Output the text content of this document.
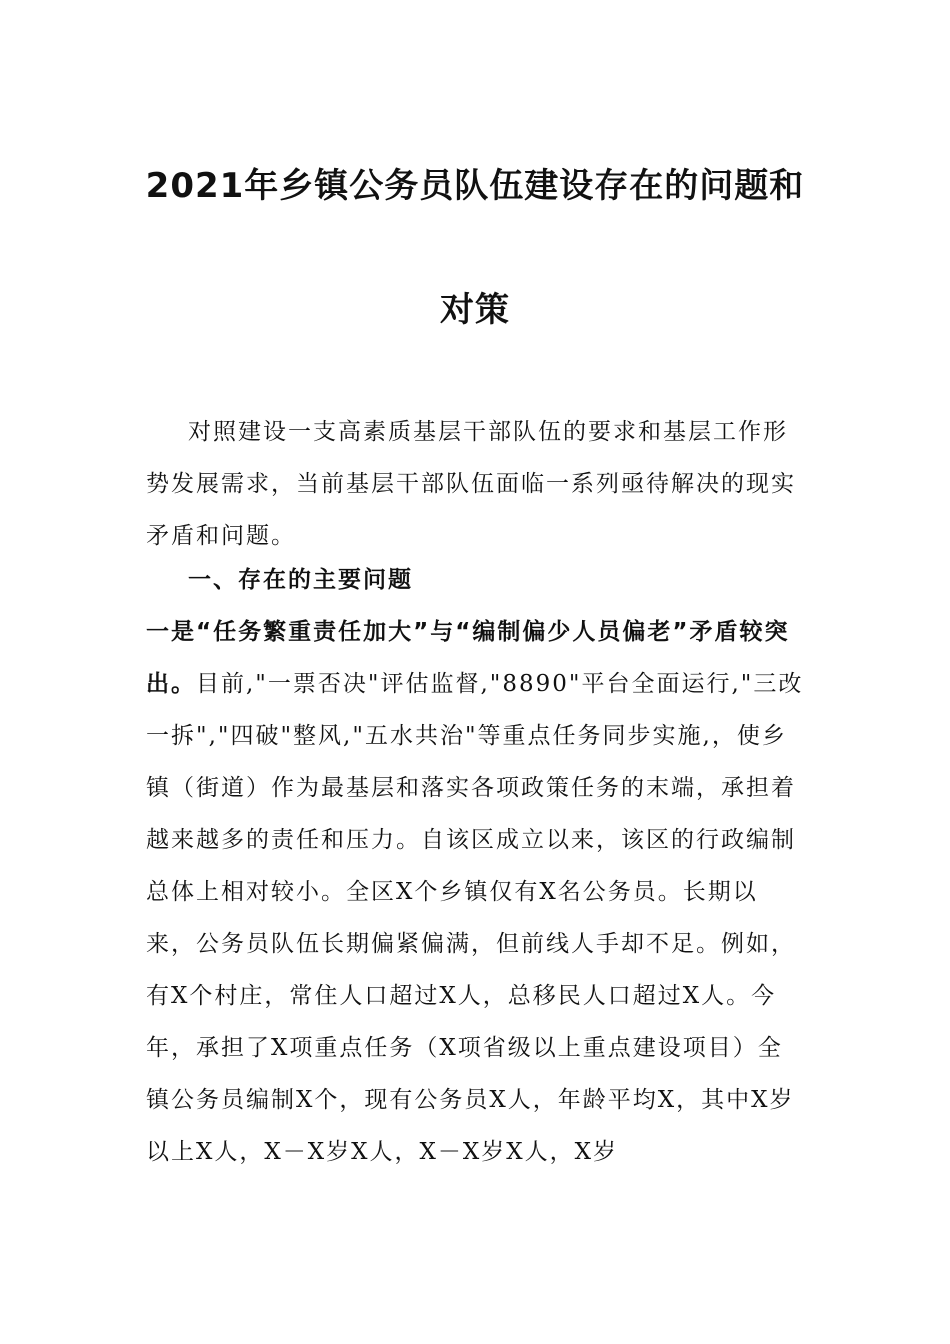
2021年乡镇公务员队伍建设存在的问题和
对策

对照建设一支高素质基层干部队伍的要求和基层工作形势发展需求，当前基层干部队伍面临一系列亟待解决的现实矛盾和问题。

一、存在的主要问题

一是“任务繁重责任加大”与“编制偏少人员偏老”矛盾较突出。目前,"一票否决"评估监督,"8890"平台全面运行,"三改一拆","四破"整风,"五水共治"等重点任务同步实施,，使乡镇（街道）作为最基层和落实各项政策任务的末端，承担着越来越多的责任和压力。自该区成立以来，该区的行政编制总体上相对较小。全区X个乡镇仅有X名公务员。长期以来，公务员队伍长期偏紧偏满，但前线人手却不足。例如，有X个村庄，常住人口超过X人，总移民人口超过X人。今年，承担了X项重点任务（X项省级以上重点建设项目）全镇公务员编制X个，现有公务员X人，年龄平均X，其中X岁以上X人，X－X岁X人，X－X岁X人，X岁
